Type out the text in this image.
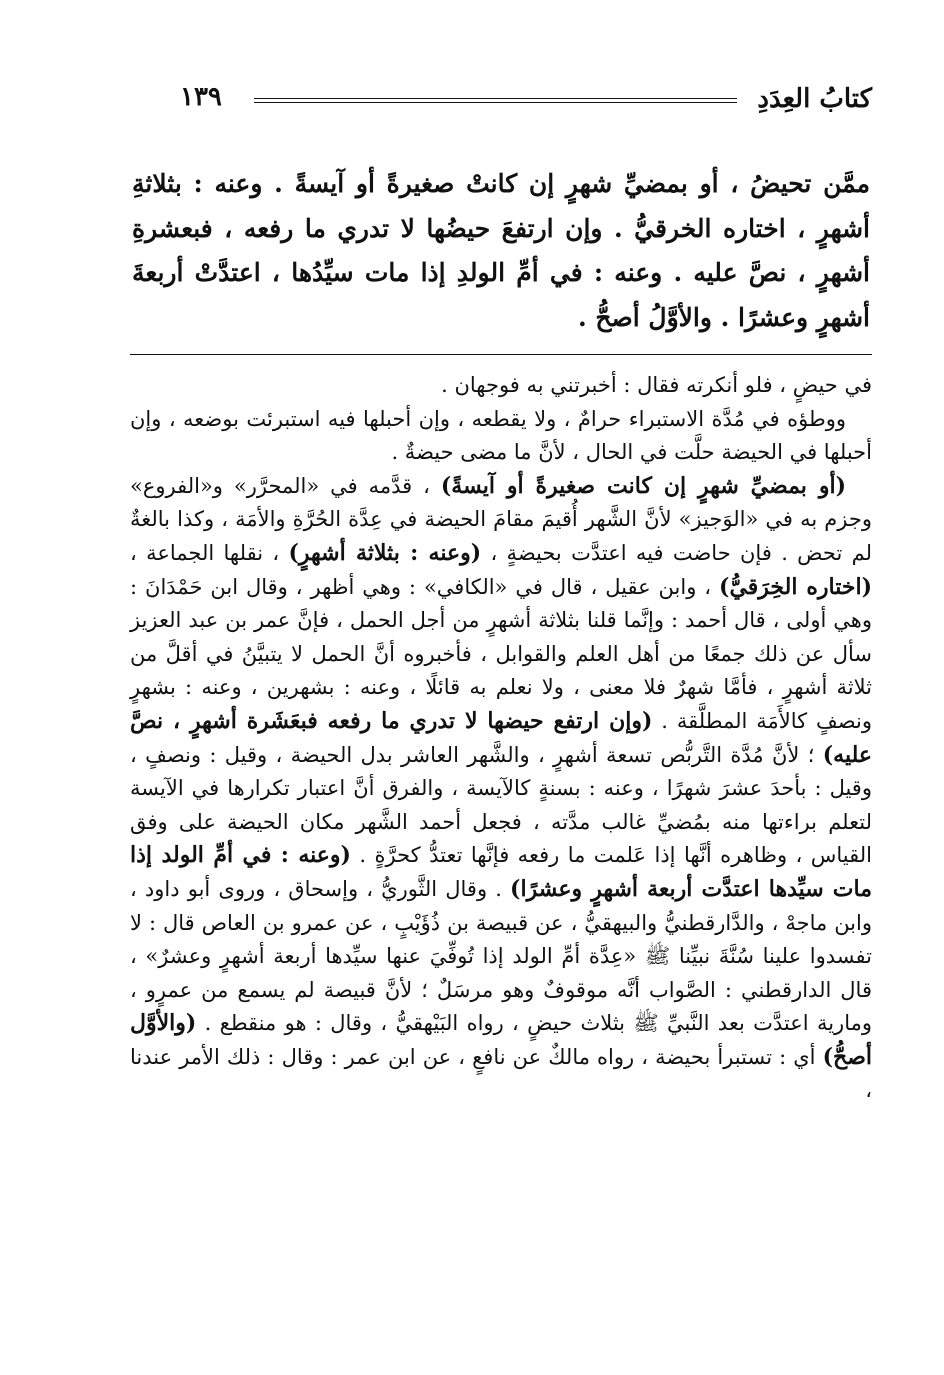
كتابُ العِدَدِ
١٣٩

ممَّن تحيضُ ، أو بمضيِّ شهرٍ إن كانتْ صغيرةً أو آيسةً . وعنه : بثلاثةِ أشهرٍ ، اختاره الخرقيُّ . وإن ارتفعَ حيضُها لا تدري ما رفعه ، فبعشرةِ أشهرٍ ، نصَّ عليه . وعنه : في أمِّ الولدِ إذا مات سيِّدُها ، اعتدَّتْ أربعةَ أشهرٍ وعشرًا . والأوَّلُ أصحُّ .

في حيضٍ ، فلو أنكرته فقال : أخبرتني به فوجهان .

ووطؤه في مُدَّة الاستبراء حرامٌ ، ولا يقطعه ، وإن أحبلها فيه استبرئت بوضعه ، وإن أحبلها في الحيضة حلَّت في الحال ، لأنَّ ما مضى حيضةٌ .

(أو بمضيِّ شهرٍ إن كانت صغيرةً أو آيسةً) ، قدَّمه في «المحرَّر» و«الفروع» وجزم به في «الوَجيز» لأنَّ الشَّهر أُقيمَ مقامَ الحيضة في عِدَّة الحُرَّةِ والأمَة ، وكذا بالغةٌ لم تحض . فإن حاضت فيه اعتدَّت بحيضةٍ ، (وعنه : بثلاثة أشهرٍ) ، نقلها الجماعة ، (اختاره الخِرَقيُّ) ، وابن عقيل ، قال في «الكافي» : وهي أظهر ، وقال ابن حَمْدَانَ : وهي أولى ، قال أحمد : وإنَّما قلنا بثلاثة أشهرٍ من أجل الحمل ، فإنَّ عمر بن عبد العزيز سأل عن ذلك جمعًا من أهل العلم والقوابل ، فأخبروه أنَّ الحمل لا يتبيَّنُ في أقلَّ من ثلاثة أشهرٍ ، فأمَّا شهرٌ فلا معنى ، ولا نعلم به قائلًا ، وعنه : بشهرين ، وعنه : بشهرٍ ونصفٍ كالأَمَة المطلَّقة . (وإن ارتفع حيضها لا تدري ما رفعه فبعَشَرة أشهرٍ ، نصَّ عليه) ؛ لأنَّ مُدَّة التَّربُّص تسعة أشهرٍ ، والشَّهر العاشر بدل الحيضة ، وقيل : ونصفٍ ، وقيل : بأحدَ عشرَ شهرًا ، وعنه : بسنةٍ كالآيسة ، والفرق أنَّ اعتبار تكرارها في الآيسة لتعلم براءتها منه بمُضيِّ غالب مدَّته ، فجعل أحمد الشَّهر مكان الحيضة على وفق القياس ، وظاهره أنَّها إذا عَلمت ما رفعه فإنَّها تعتدُّ كحرَّةٍ . (وعنه : في أمِّ الولد إذا مات سيِّدها اعتدَّت أربعة أشهرٍ وعشرًا) . وقال الثَّوريُّ ، وإسحاق ، وروى أبو داود ، وابن ماجهْ ، والدَّارقطنيُّ والبيهقيُّ ، عن قبيصة بن ذُؤَيْبٍ ، عن عمرو بن العاص قال : لا تفسدوا علينا سُنَّةَ نبيِّنا ﷺ «عِدَّة أمِّ الولد إذا تُوفِّيَ عنها سيِّدها أربعة أشهرٍ وعشرٌ» ، قال الدارقطني : الصَّواب أنَّه موقوفٌ وهو مرسَلٌ ؛ لأنَّ قبيصة لم يسمع من عمرٍو ، ومارية اعتدَّت بعد النَّبيِّ ﷺ بثلاث حيضٍ ، رواه البَيْهقيُّ ، وقال : هو منقطع . (والأوَّل أصحُّ) أي : تستبرأ بحيضة ، رواه مالكٌ عن نافعٍ ، عن ابن عمر : وقال : ذلك الأمر عندنا ،
